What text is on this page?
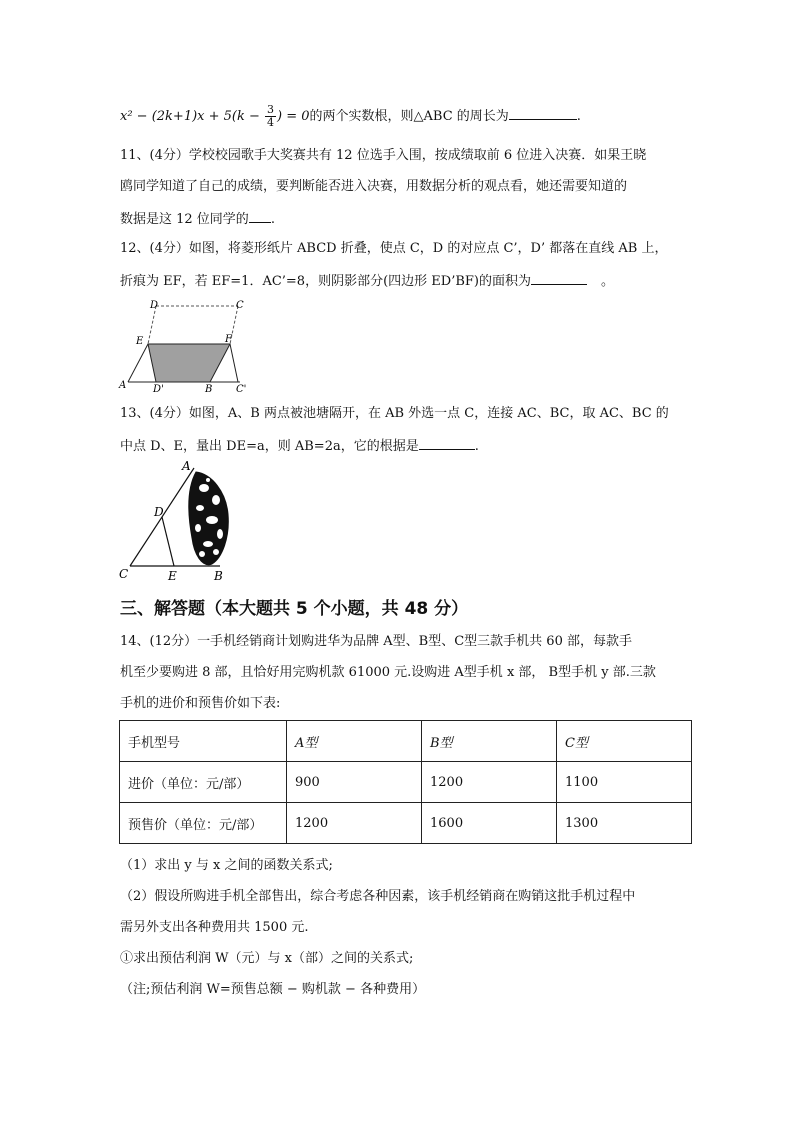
$x^2 - (2k+1)x + 5(k - \frac{3}{4}$ ) = 0的两个实数根，则△ABC 的周长为	.
11、(4分）学校校园歌手大奖赛共有 12 位选手入围，按成绩取前 6 位进入决赛．如果王晓
鸥同学知道了自己的成绩，要判断能否进入决赛，用数据分析的观点看，她还需要知道的
数据是这 12 位同学的 .
12、(4分）如图，将菱形纸片 ABCD 折叠，使点 C，D 的对应点 C’，D’ 都落在直线 AB 上，
折痕为 EF，若 EF=1．AC’=8，则阴影部分(四边形 ED’BF)的面积为	。
D	C
E	F
A	D'	B C'
13、(4分）如图，A、B 两点被池塘隔开，在 AB 外选一点 C，连接 AC、BC，取 AC、BC 的
中点 D、E，量出 DE=a，则 AB=2a，它的根据是	.
A
D
C	E	B
三、解答题（本大题共 5 个小题，共 48 分）
14、(12分）一手机经销商计划购进华为品牌 A型、B型、C型三款手机共 60 部，每款手
机至少要购进 8 部，且恰好用完购机款 61000 元.设购进 A型手机 x 部， B型手机 y 部.三款
手机的进价和预售价如下表:
手机型号	A型	B型	C型
进价（单位：元/部）	900	1200	1100
预售价（单位：元/部）	1200	1600	1300
（1）求出 y 与 x 之间的函数关系式;
（2）假设所购进手机全部售出，综合考虑各种因素，该手机经销商在购销这批手机过程中
需另外支出各种费用共 1500 元.
①求出预估利润 W（元）与 x（部）之间的关系式;
（注;预估利润 W=预售总额 − 购机款 − 各种费用）
